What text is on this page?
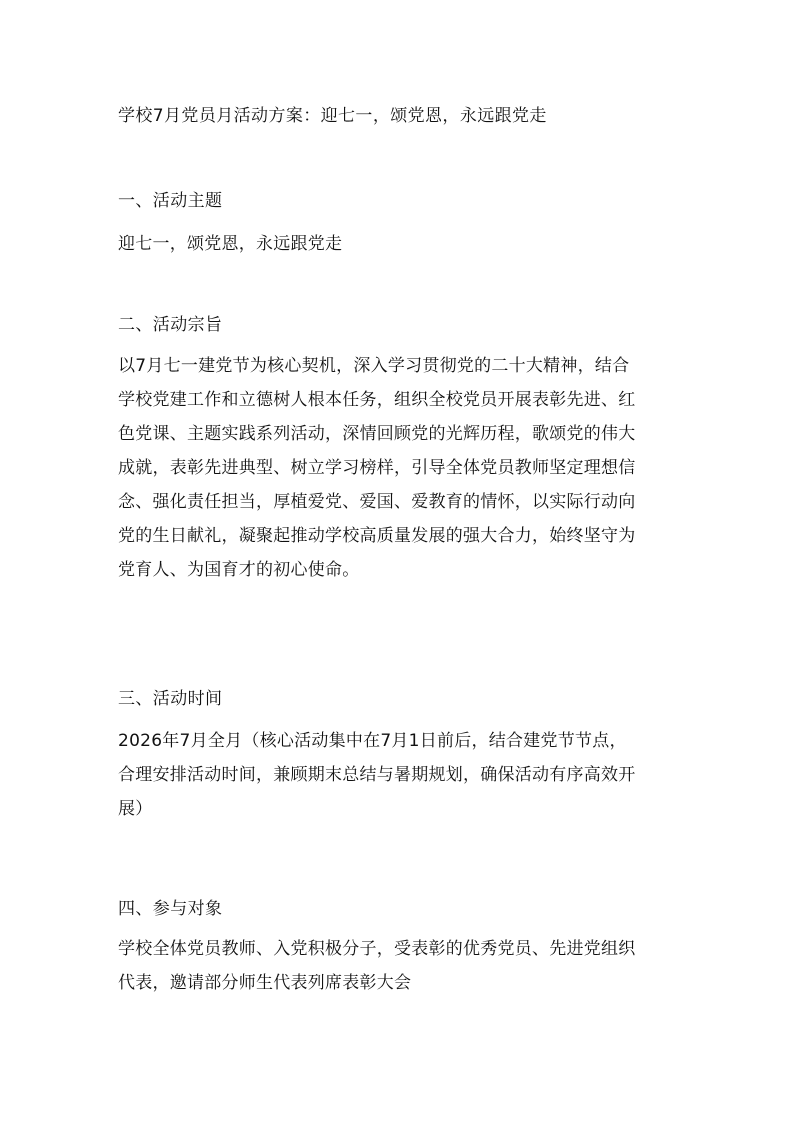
学校7月党员月活动方案：迎七一，颂党恩，永远跟党走
一、活动主题
迎七一，颂党恩，永远跟党走
二、活动宗旨
以7月七一建党节为核心契机，深入学习贯彻党的二十大精神，结合
学校党建工作和立德树人根本任务，组织全校党员开展表彰先进、红
色党课、主题实践系列活动，深情回顾党的光辉历程，歌颂党的伟大
成就，表彰先进典型、树立学习榜样，引导全体党员教师坚定理想信
念、强化责任担当，厚植爱党、爱国、爱教育的情怀，以实际行动向
党的生日献礼，凝聚起推动学校高质量发展的强大合力，始终坚守为
党育人、为国育才的初心使命。
三、活动时间
2026年7月全月（核心活动集中在7月1日前后，结合建党节节点，
合理安排活动时间，兼顾期末总结与暑期规划，确保活动有序高效开
展）
四、参与对象
学校全体党员教师、入党积极分子，受表彰的优秀党员、先进党组织
代表，邀请部分师生代表列席表彰大会
